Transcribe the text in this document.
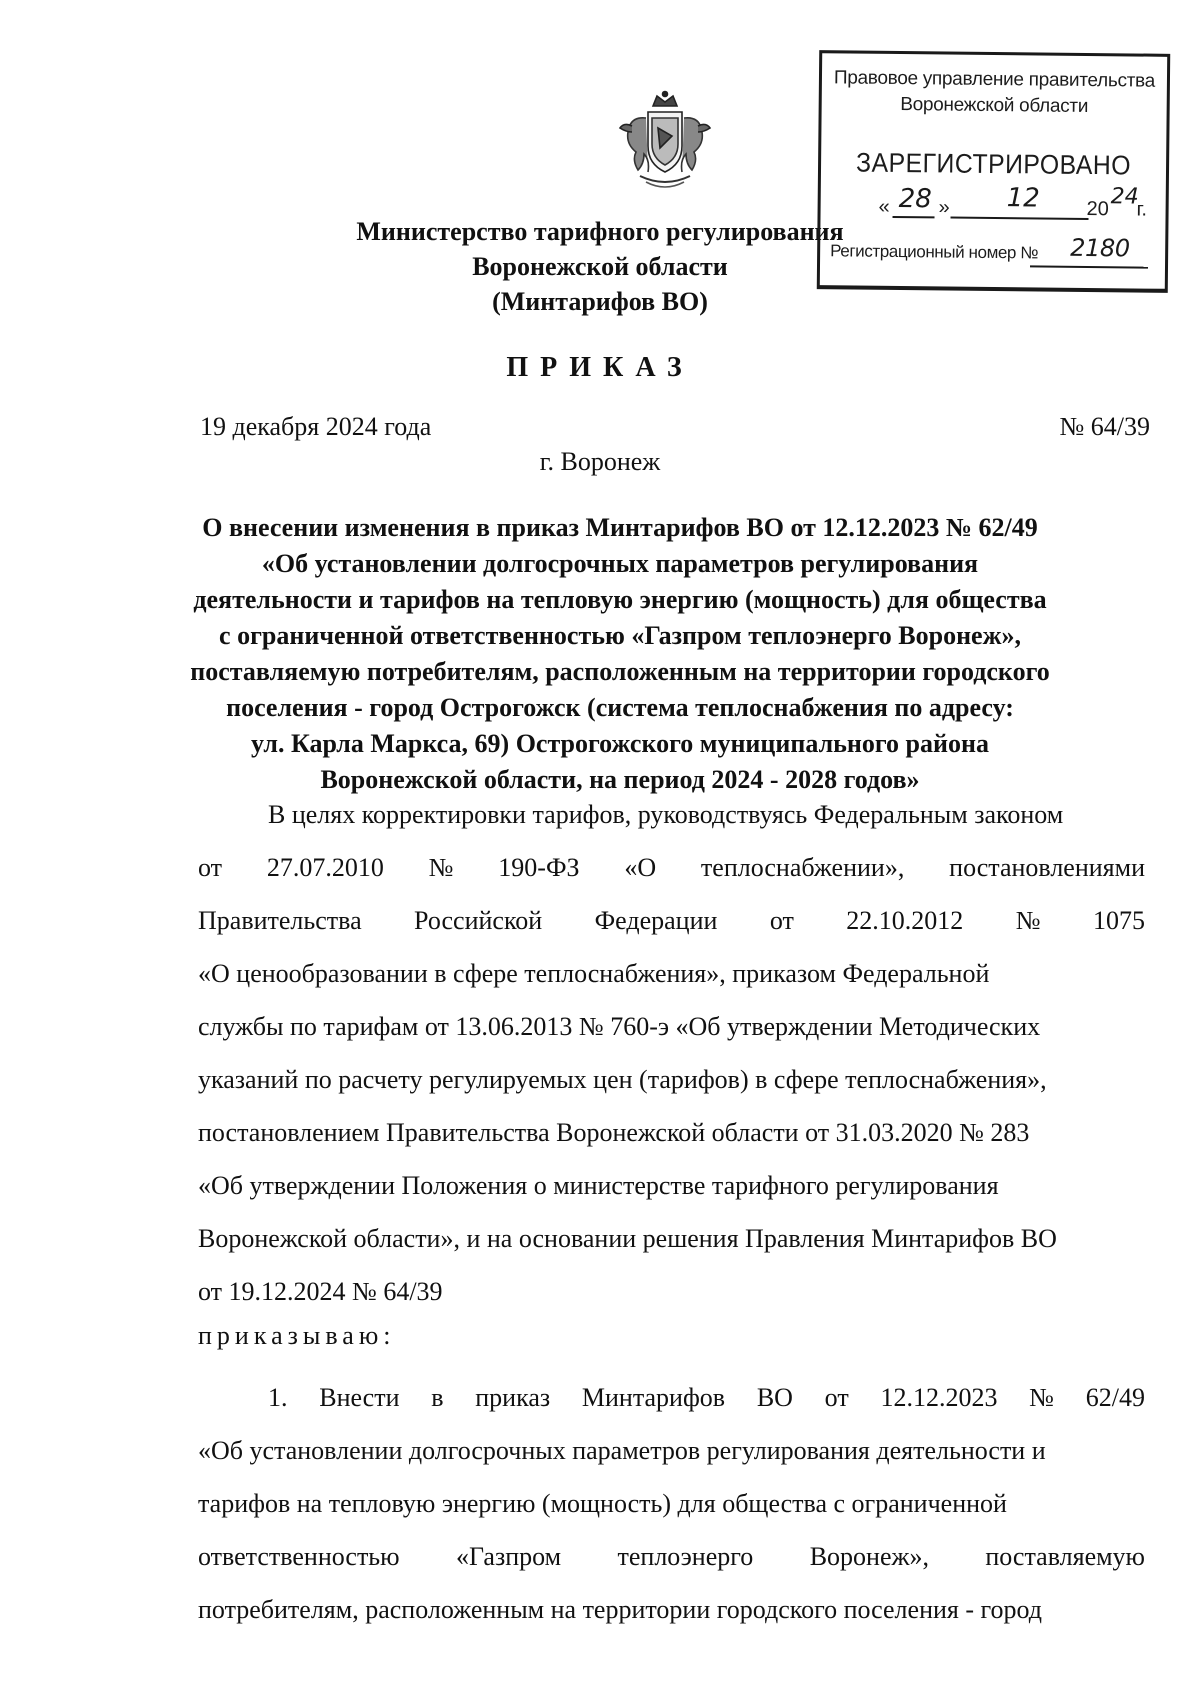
Министерство тарифного регулирования
Воронежской области
(Минтарифов ВО)
Правовое управление правительства
Воронежской области
ЗАРЕГИСТРИРОВАНО
« 28 » 12 20 24
г.
Регистрационный номер № 2180
ПРИКАЗ
19 декабря 2024 года	№ 64/39
г. Воронеж
О внесении изменения в приказ Минтарифов ВО от 12.12.2023 № 62/49
«Об установлении долгосрочных параметров регулирования
деятельности и тарифов на тепловую энергию (мощность) для общества
с ограниченной ответственностью «Газпром теплоэнерго Воронеж»,
поставляемую потребителям, расположенным на территории городского
поселения - город Острогожск (система теплоснабжения по адресу:
ул. Карла Маркса, 69) Острогожского муниципального района
Воронежской области, на период 2024 - 2028 годов»
В целях корректировки тарифов, руководствуясь Федеральным законом
от 27.07.2010 № 190-ФЗ «О теплоснабжении», постановлениями
Правительства Российской Федерации от 22.10.2012 № 1075
«О ценообразовании в сфере теплоснабжения», приказом Федеральной
службы по тарифам от 13.06.2013 № 760-э «Об утверждении Методических
указаний по расчету регулируемых цен (тарифов) в сфере теплоснабжения»,
постановлением Правительства Воронежской области от 31.03.2020 № 283
«Об утверждении Положения о министерстве тарифного регулирования
Воронежской области», и на основании решения Правления Минтарифов ВО
от 19.12.2024 № 64/39
приказываю:
1. Внести в приказ Минтарифов ВО от 12.12.2023 № 62/49
«Об установлении долгосрочных параметров регулирования деятельности и
тарифов на тепловую энергию (мощность) для общества с ограниченной
ответственностью «Газпром теплоэнерго Воронеж», поставляемую
потребителям, расположенным на территории городского поселения - город
